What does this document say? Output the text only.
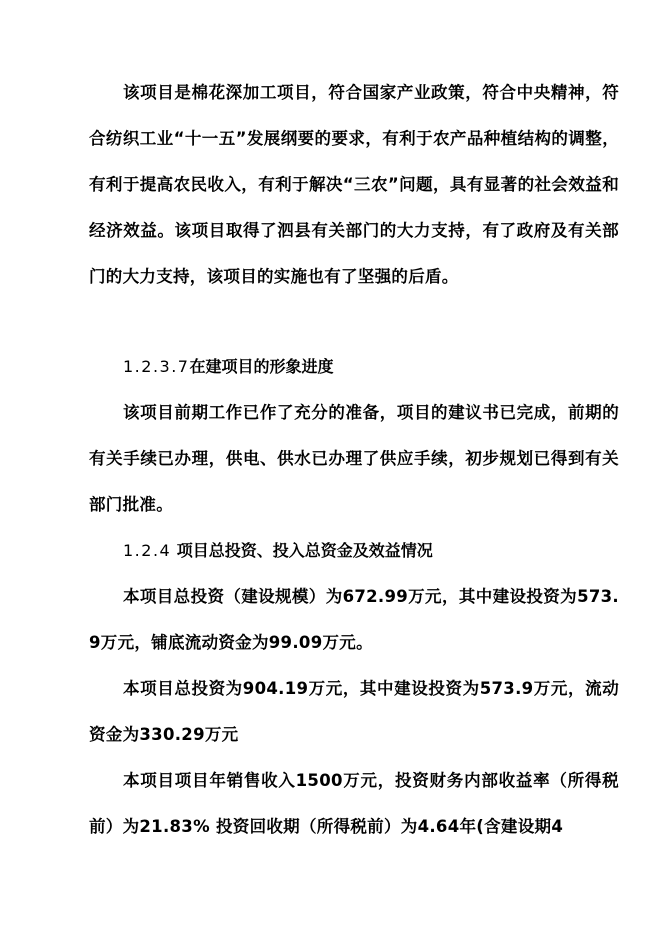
该项目是棉花深加工项目，符合国家产业政策，符合中央精神，符合纺织工业“十一五”发展纲要的要求，有利于农产品种植结构的调整，有利于提高农民收入，有利于解决“三农”问题，具有显著的社会效益和经济效益。该项目取得了泗县有关部门的大力支持，有了政府及有关部门的大力支持，该项目的实施也有了坚强的后盾。

1.2.3.7在建项目的形象进度

该项目前期工作已作了充分的准备，项目的建议书已完成，前期的有关手续已办理，供电、供水已办理了供应手续，初步规划已得到有关部门批准。

1.2.4 项目总投资、投入总资金及效益情况

本项目总投资（建设规模）为672.99万元，其中建设投资为573.9万元，铺底流动资金为99.09万元。

本项目总投资为904.19万元，其中建设投资为573.9万元，流动资金为330.29万元

本项目项目年销售收入1500万元，投资财务内部收益率（所得税前）为21.83% 投资回收期（所得税前）为4.64年(含建设期4
